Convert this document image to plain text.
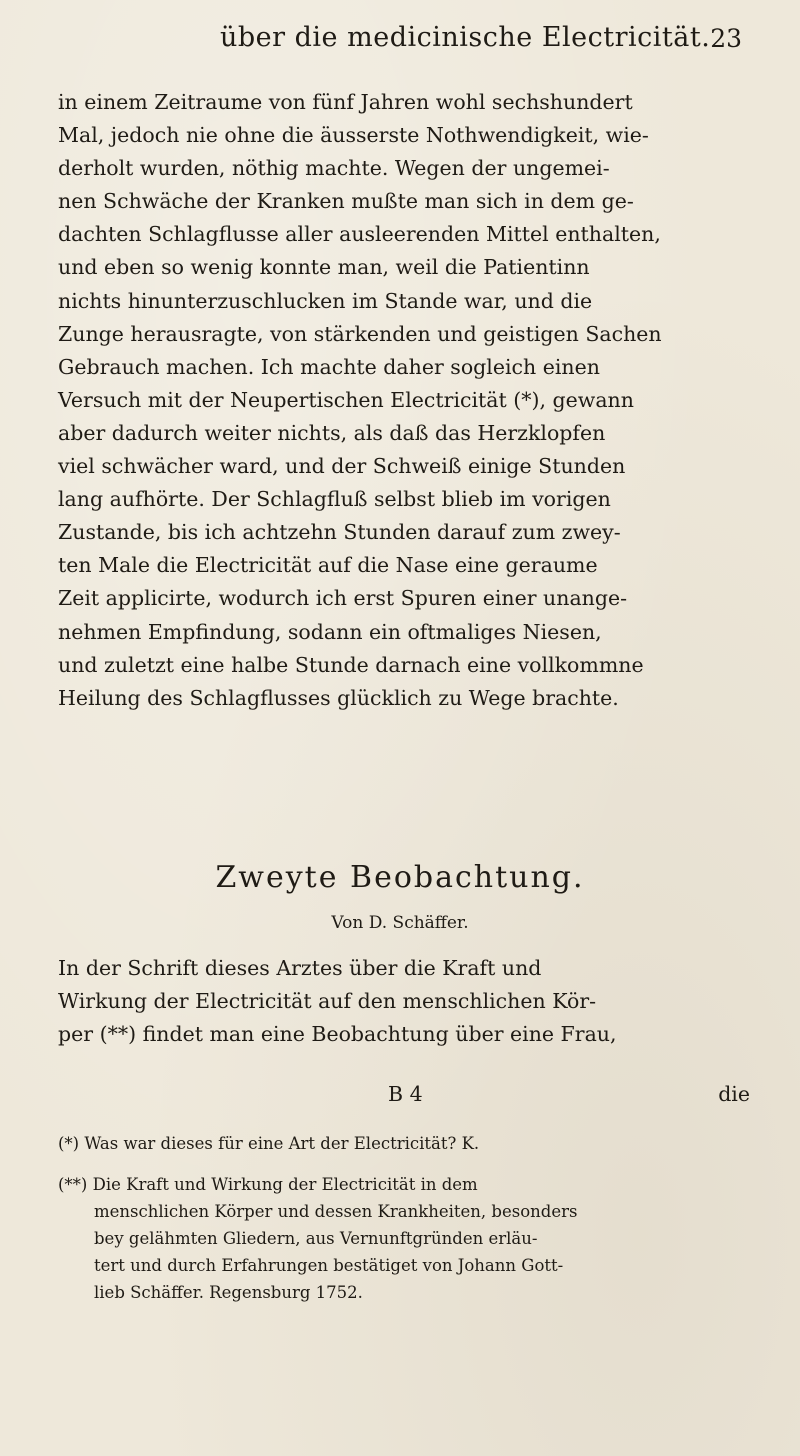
über die medicinische Electricität. 23
in einem Zeitraume von fünf Jahren wohl sechshundert
Mal, jedoch nie ohne die äusserste Nothwendigkeit, wie-
derholt wurden, nöthig machte. Wegen der ungemei-
nen Schwäche der Kranken mußte man sich in dem ge-
dachten Schlagflusse aller ausleerenden Mittel enthalten,
und eben so wenig konnte man, weil die Patientinn
nichts hinunterzuschlucken im Stande war, und die
Zunge herausragte, von stärkenden und geistigen Sachen
Gebrauch machen. Ich machte daher sogleich einen
Versuch mit der Neupertischen Electricität (*), gewann
aber dadurch weiter nichts, als daß das Herzklopfen
viel schwächer ward, und der Schweiß einige Stunden
lang aufhörte. Der Schlagfluß selbst blieb im vorigen
Zustande, bis ich achtzehn Stunden darauf zum zwey-
ten Male die Electricität auf die Nase eine geraume
Zeit applicirte, wodurch ich erst Spuren einer unange-
nehmen Empfindung, sodann ein oftmaliges Niesen,
und zuletzt eine halbe Stunde darnach eine vollkommne
Heilung des Schlagflusses glücklich zu Wege brachte.
Zweyte Beobachtung.
Von D. Schäffer.
In der Schrift dieses Arztes über die Kraft und
Wirkung der Electricität auf den menschlichen Kör-
per (**) findet man eine Beobachtung über eine Frau,
B 4	die
(*) Was war dieses für eine Art der Electricität? K.
(**) Die Kraft und Wirkung der Electricität in dem
menschlichen Körper und dessen Krankheiten, besonders
bey gelähmten Gliedern, aus Vernunftgründen erläu-
tert und durch Erfahrungen bestätiget von Johann Gott-
lieb Schäffer. Regensburg 1752.
